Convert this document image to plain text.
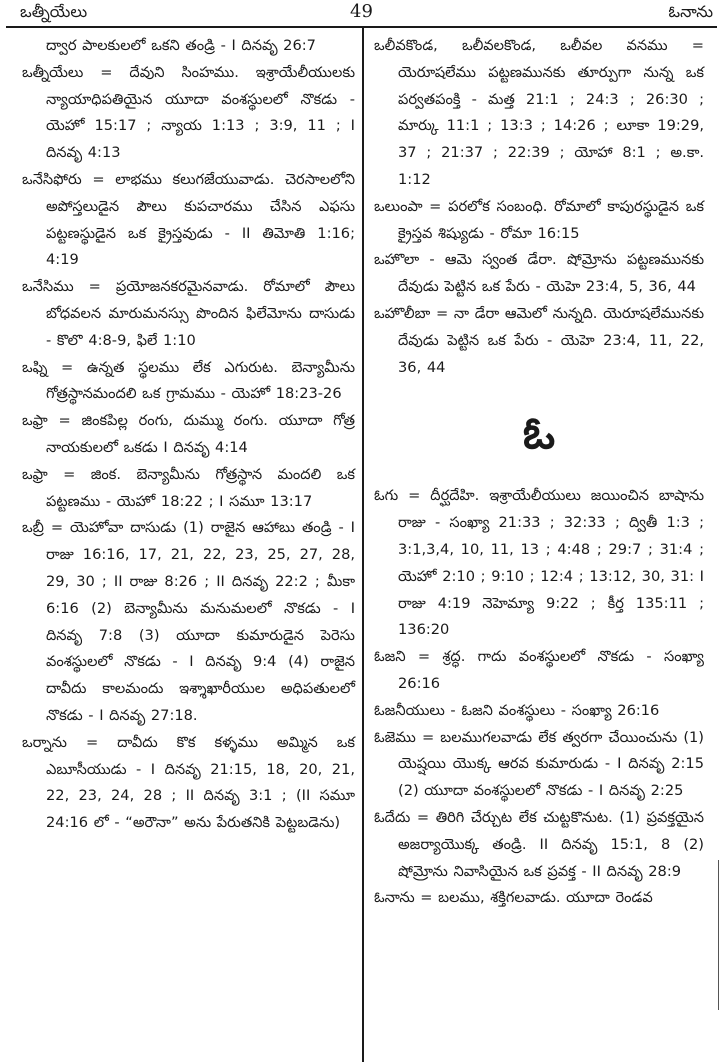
ఒత్నీయేలు	49	ఓనాను

ద్వార పాలకులలో ఒకని తండ్రి - I దినవృ 26:7

ఒత్నీయేలు = దేవుని సింహము. ఇశ్రాయేలీయులకు న్యాయాధిపతియైన యూదా వంశస్థులలో నొకడు - యెహో 15:17 ; న్యాయ 1:13 ; 3:9, 11 ; I దినవృ 4:13

ఒనేసిఫోరు = లాభము కలుగజేయువాడు. చెరసాలలోని అపోస్తలుడైన పౌలు కుపచారము చేసిన ఎఫసు పట్టణస్థుడైన ఒక క్రైస్తవుడు - II తిమోతి 1:16; 4:19

ఒనేసిము = ప్రయోజనకరమైనవాడు. రోమాలో పౌలు బోధవలన మారుమనస్సు పొందిన ఫిలేమోను దాసుడు - కొలొ 4:8-9, ఫిలే 1:10

ఒఫ్ని = ఉన్నత స్థలము లేక ఎగురుట. బెన్యామీను గోత్రస్థానమందలి ఒక గ్రామము - యెహో 18:23-26

ఒఫ్రా = జింకపిల్ల రంగు, దుమ్ము రంగు. యూదా గోత్ర నాయకులలో ఒకడు I దినవృ 4:14

ఒఫ్రా = జింక. బెన్యామీను గోత్రస్థాన మందలి ఒక పట్టణము - యెహో 18:22 ; I సమూ 13:17

ఒబ్రీ = యెహోవా దాసుడు (1) రాజైన ఆహాబు తండ్రి - I రాజు 16:16, 17, 21, 22, 23, 25, 27, 28, 29, 30 ; II రాజు 8:26 ; II దినవృ 22:2 ; మీకా 6:16 (2) బెన్యామీను మనుమలలో నొకడు - I దినవృ 7:8 (3) యూదా కుమారుడైన పెరెసు వంశస్థులలో నొకడు - I దినవృ 9:4 (4) రాజైన దావీదు కాలమందు ఇశ్శాఖారీయుల అధిపతులలో నొకడు - I దినవృ 27:18.

ఒర్నాను = దావీదు కొక కళ్ళము అమ్మిన ఒక ఎబూసీయుడు - I దినవృ 21:15, 18, 20, 21, 22, 23, 24, 28 ; II దినవృ 3:1 ; (II సమూ 24:16 లో - “అరౌనా” అను పేరుతనికి పెట్టబడెను)

ఒలీవకొండ, ఒలీవలకొండ, ఒలీవల వనము = యెరూషలేము పట్టణమునకు తూర్పుగా నున్న ఒక పర్వతపంక్తి - మత్త 21:1 ; 24:3 ; 26:30 ; మార్కు 11:1 ; 13:3 ; 14:26 ; లూకా 19:29, 37 ; 21:37 ; 22:39 ; యోహా 8:1 ; అ.కా. 1:12

ఒలుంపా = పరలోక సంబంధి. రోమాలో కాపురస్థుడైన ఒక క్రైస్తవ శిష్యుడు - రోమా 16:15

ఒహొలా - ఆమె స్వంత డేరా. షోమ్రోను పట్టణమునకు దేవుడు పెట్టిన ఒక పేరు - యెహె 23:4, 5, 36, 44

ఒహొలీబా = నా డేరా ఆమెలో నున్నది. యెరూషలేమునకు దేవుడు పెట్టిన ఒక పేరు - యెహె 23:4, 11, 22, 36, 44

ఓ

ఓగు = దీర్ఘదేహి. ఇశ్రాయేలీయులు జయించిన బాషాను రాజు - సంఖ్యా 21:33 ; 32:33 ; ద్వితీ 1:3 ; 3:1,3,4, 10, 11, 13 ; 4:48 ; 29:7 ; 31:4 ; యెహో 2:10 ; 9:10 ; 12:4 ; 13:12, 30, 31: I రాజు 4:19 నెహెమ్యా 9:22 ; కీర్త 135:11 ; 136:20

ఓజని = శ్రద్ధ. గాదు వంశస్థులలో నొకడు - సంఖ్యా 26:16

ఓజనీయులు - ఓజని వంశస్థులు - సంఖ్యా 26:16

ఓజెము = బలముగలవాడు లేక త్వరగా చేయించును (1) యెష్షయి యొక్క ఆరవ కుమారుడు - I దినవృ 2:15 (2) యూదా వంశస్థులలో నొకడు - I దినవృ 2:25

ఓదేదు = తిరిగి చేర్చుట లేక చుట్టకొనుట. (1) ప్రవక్తయైన అజర్యాయొక్క తండ్రి. II దినవృ 15:1, 8 (2) షోమ్రోను నివాసియైన ఒక ప్రవక్త - II దినవృ 28:9

ఓనాను = బలము, శక్తిగలవాడు. యూదా రెండవ
